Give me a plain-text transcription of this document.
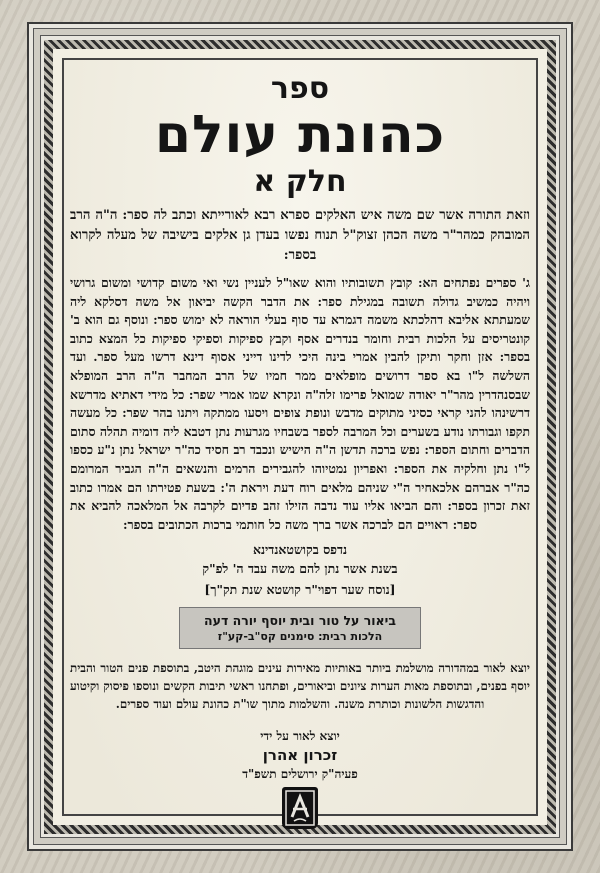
ספר
כהונת עולם
חלק א
וזאת התורה אשר שם משה איש האלקים ספרא רבא לאורייתא וכתב לה ספר: ה"ה הרב המובהק כמהר"ר משה הכהן זצוק"ל תנוח נפשו בעדן גן אלקים בישיבה של מעלה לקרוא בספר:
ג' ספרים נפתחים הא: קובץ תשובותיו והוא שאו"ל לעניין נשי ואי משום קדושי ומשום גרושי ויהיה כמשיב גדולה תשובה במגילת ספר: את הדבר הקשה יביאון אל משה דסלקא ליה שמעתתא אליבא דהלכתא משמה דגמרא עד סוף בעלי הוראה לא ימוש ספר: ונוסף גם הוא ב' קונטריסים על הלכות רבית וחומר בנדרים אסף וקבץ ספיקות וספיקי ספיקות כל המצא כתוב בספר: אזן וחקר ותיקן להבין אמרי בינה היכי לדינו דייני אסוף דינא דרשו מעל ספר. ועד השלשה ל"ו בא ספר דרושים מופלאים ממר חמיו של הרב המחבר ה"ה הרב המופלא שבסנהדרין מהר"ר יאודה שמואל פרימו זלה"ה ונקרא שמו אמרי שפר: כל מידי דאתיא מדרשא דרשינהו להני קראי כסיני מתוקים מדבש ונופת צופים ויסעו ממתקה ויתנו בהר שפר: כל מעשה תקפו וגבורתו נודע בשערים וכל המרבה לספר בשבחיו מגרעות נתן דטבא ליה דומיה תהלה סתום הדברים וחתום הספר: נפש ברכה תדשן ה"ה הישיש ונכבד רב חסיד כה"ר ישראל נתן נ"ע כספו ל"ו נתן וחלקיה את הספר: ואפריון נמטיוהו להגבירים הרמים והנשאים ה"ה הגביר המרומם כה"ר אברהם אלכאחיר ה"י שניהם מלאים רוח דעת ויראת ה': בשעת פטירתו הם אמרו כתוב זאת זכרון בספר: והם הביאו אליו עוד נדבה הזילו זהב פדיום לקרבה אל המלאכה להביא את ספר: ראויים הם לברכה אשר ברך משה כל חותמי ברכות הכתובים בספר:

נדפס בקושטאנדינא

בשנת אשר נתן להם משה עבד ה' לפ"ק

[נוסח שער דפוי"ר קושטא שנת תק"ך]

ביאור על טור ובית יוסף יורה דעה
הלכות רבית: סימנים קס"ב-קע"ז
יוצא לאור במהדורה מושלמת ביותר באותיות מאירות עינים מוגהת היטב, בתוספת פנים הטור והבית יוסף בפנים, ובתוספת מאות הערות ציונים וביאורים, ופתחנו ראשי תיבות הקשים ונוספו פיסוק וקיטוע והדגשות הלשונות וכותרת משנה. והשלמות מתוך שו"ת כהונת עולם ועוד ספרים.

יוצא לאור על ידי

זכרון אהרן

פעיה"ק ירושלים תשפ"ד
